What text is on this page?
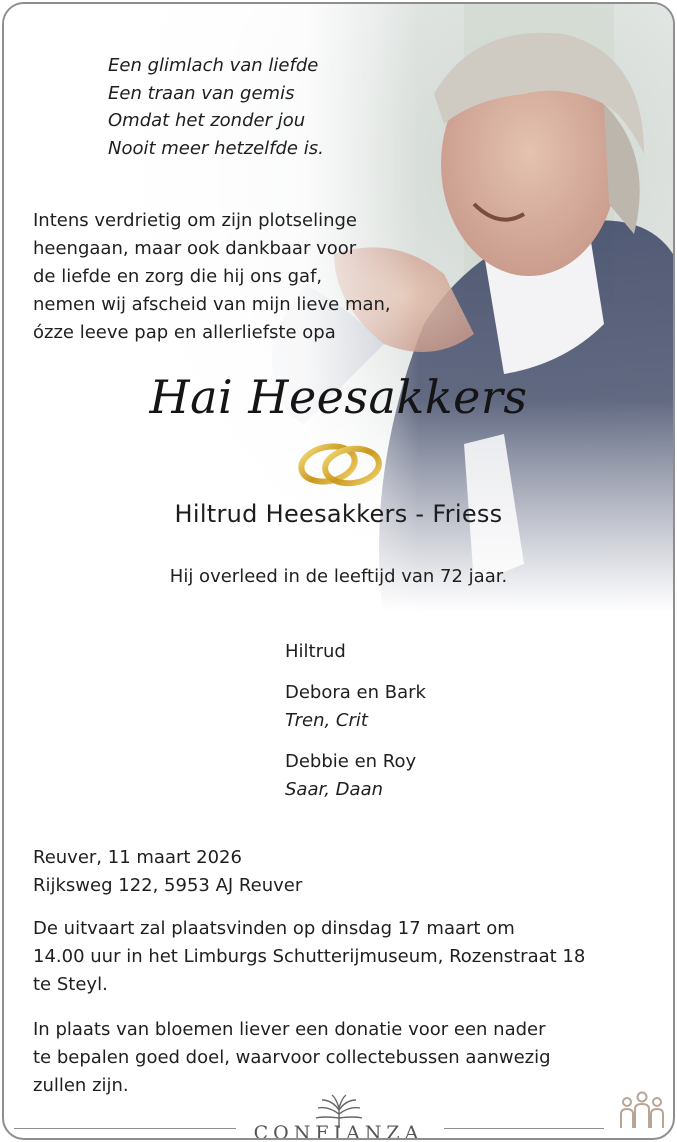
Een glimlach van liefde
Een traan van gemis
Omdat het zonder jou
Nooit meer hetzelfde is.
Intens verdrietig om zijn plotselinge
heengaan, maar ook dankbaar voor
de liefde en zorg die hij ons gaf,
nemen wij afscheid van mijn lieve man,
ózze leeve pap en allerliefste opa
Hai Heesakkers
Hiltrud Heesakkers - Friess
Hij overleed in de leeftijd van 72 jaar.
Hiltrud
Debora en Bark
Tren, Crit
Debbie en Roy
Saar, Daan
Reuver, 11 maart 2026
Rijksweg 122, 5953 AJ Reuver
De uitvaart zal plaatsvinden op dinsdag 17 maart om
14.00 uur in het Limburgs Schutterijmuseum, Rozenstraat 18
te Steyl.
In plaats van bloemen liever een donatie voor een nader
te bepalen goed doel, waarvoor collectebussen aanwezig
zullen zijn.
CONFIANZA
